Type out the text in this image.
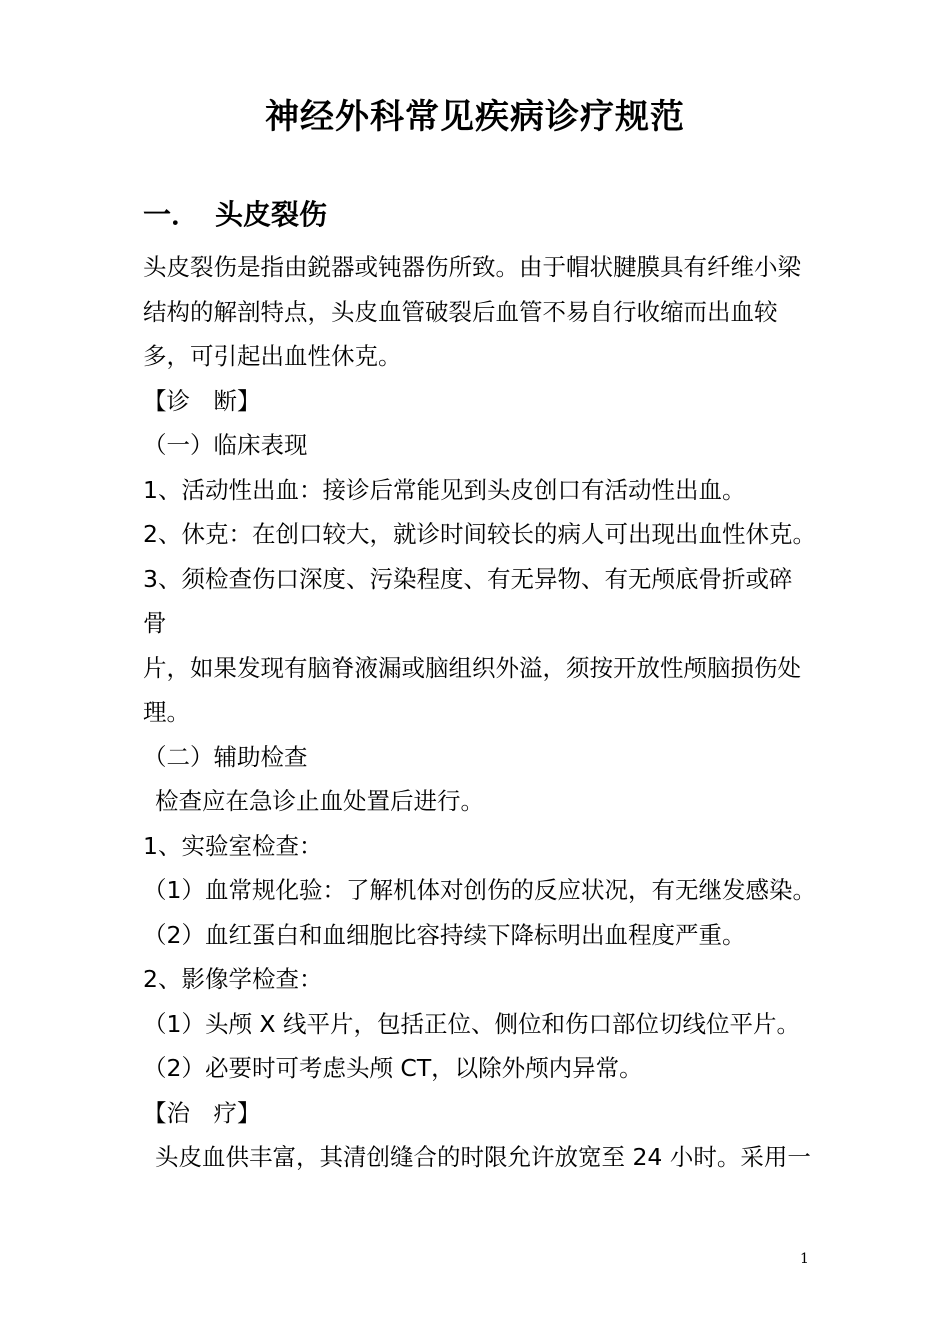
神经外科常见疾病诊疗规范
一． 头皮裂伤
头皮裂伤是指由鋭器或钝器伤所致。由于帽状腱膜具有纤维小梁
结构的解剖特点，头皮血管破裂后血管不易自行收缩而出血较
多，可引起出血性休克。
【诊　断】
（一）临床表现
1、活动性出血：接诊后常能见到头皮创口有活动性出血。
2、休克：在创口较大，就诊时间较长的病人可出现出血性休克。
3、须检查伤口深度、污染程度、有无异物、有无颅底骨折或碎
骨
片，如果发现有脑脊液漏或脑组织外溢，须按开放性颅脑损伤处
理。
（二）辅助检查
检查应在急诊止血处置后进行。
1、实验室检查：
（1）血常规化验：了解机体对创伤的反应状况，有无继发感染。
（2）血红蛋白和血细胞比容持续下降标明出血程度严重。
2、影像学检查：
（1）头颅 X 线平片，包括正位、侧位和伤口部位切线位平片。
（2）必要时可考虑头颅 CT，以除外颅内异常。
【治　疗】
头皮血供丰富，其清创缝合的时限允许放宽至 24 小时。采用一
1
